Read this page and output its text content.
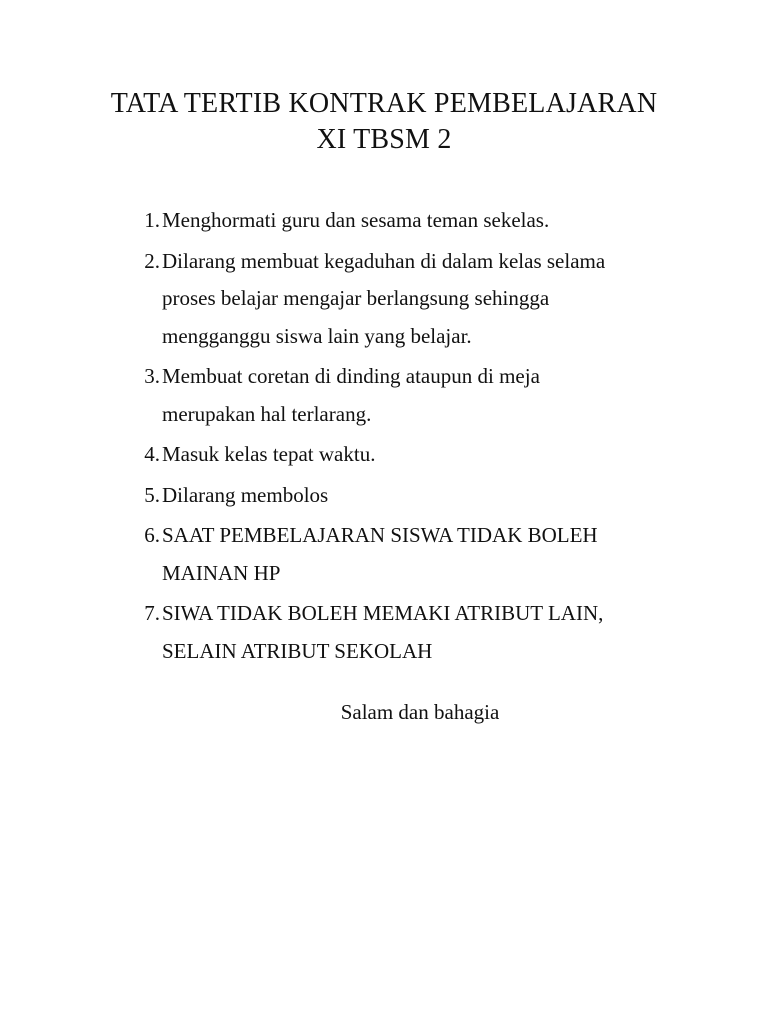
TATA TERTIB KONTRAK PEMBELAJARAN
XI TBSM 2
1. Menghormati guru dan sesama teman sekelas.
2. Dilarang membuat kegaduhan di dalam kelas selama
proses belajar mengajar berlangsung sehingga
mengganggu siswa lain yang belajar.
3. Membuat coretan di dinding ataupun di meja
merupakan hal terlarang.
4. Masuk kelas tepat waktu.
5. Dilarang membolos
6. SAAT PEMBELAJARAN SISWA TIDAK BOLEH
MAINAN HP
7. SIWA TIDAK BOLEH MEMAKI ATRIBUT LAIN,
SELAIN ATRIBUT SEKOLAH
Salam dan bahagia
